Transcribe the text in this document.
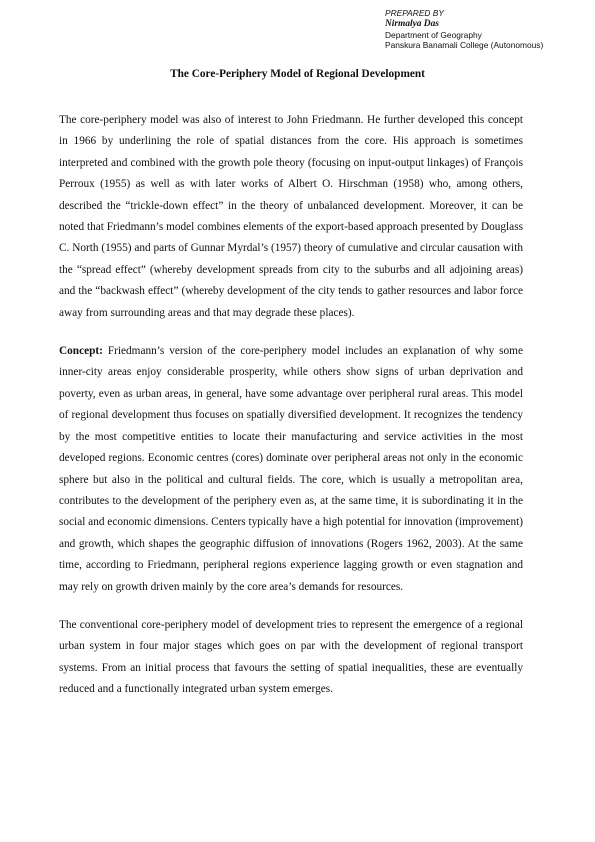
PREPARED BY
Nirmalya Das
Department of Geography
Panskura Banamali College (Autonomous)
The Core-Periphery Model of Regional Development

The core-periphery model was also of interest to John Friedmann. He further developed this concept in 1966 by underlining the role of spatial distances from the core. His approach is sometimes interpreted and combined with the growth pole theory (focusing on input-output linkages) of François Perroux (1955) as well as with later works of Albert O. Hirschman (1958) who, among others, described the “trickle-down effect” in the theory of unbalanced development. Moreover, it can be noted that Friedmann’s model combines elements of the export-based approach presented by Douglass C. North (1955) and parts of Gunnar Myrdal’s (1957) theory of cumulative and circular causation with the “spread effect” (whereby development spreads from city to the suburbs and all adjoining areas) and the “backwash effect” (whereby development of the city tends to gather resources and labor force away from surrounding areas and that may degrade these places).

Concept: Friedmann’s version of the core-periphery model includes an explanation of why some inner-city areas enjoy considerable prosperity, while others show signs of urban deprivation and poverty, even as urban areas, in general, have some advantage over peripheral rural areas. This model of regional development thus focuses on spatially diversified development. It recognizes the tendency by the most competitive entities to locate their manufacturing and service activities in the most developed regions. Economic centres (cores) dominate over peripheral areas not only in the economic sphere but also in the political and cultural fields. The core, which is usually a metropolitan area, contributes to the development of the periphery even as, at the same time, it is subordinating it in the social and economic dimensions. Centers typically have a high potential for innovation (improvement) and growth, which shapes the geographic diffusion of innovations (Rogers 1962, 2003). At the same time, according to Friedmann, peripheral regions experience lagging growth or even stagnation and may rely on growth driven mainly by the core area’s demands for resources.

The conventional core-periphery model of development tries to represent the emergence of a regional urban system in four major stages which goes on par with the development of regional transport systems. From an initial process that favours the setting of spatial inequalities, these are eventually reduced and a functionally integrated urban system emerges.
